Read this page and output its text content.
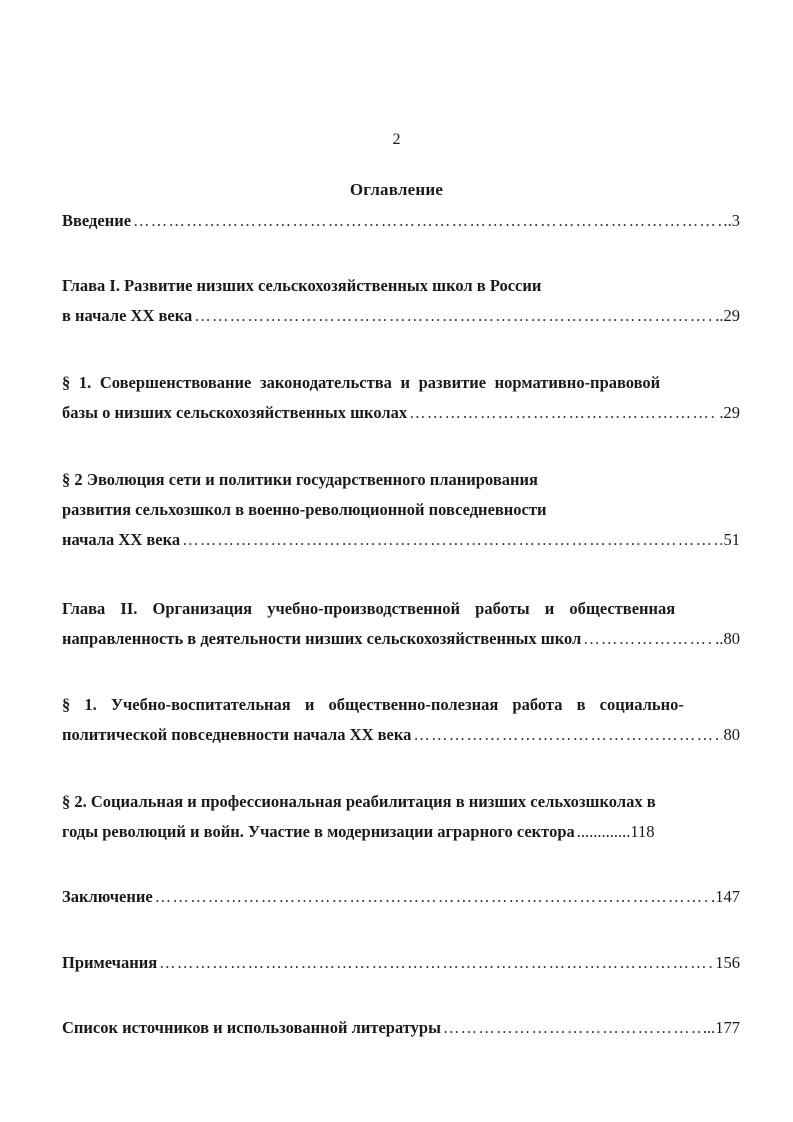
2
Оглавление
Введение ……………………………………………………………………………………………………………………………………………………………………………………	..3
Глава I. Развитие низших сельскохозяйственных школ в России
в начале XX века ……………………………………………………………………………………………………………………………………………………………………………………	..29
§ 1. Совершенствование законодательства и развитие нормативно-правовой
базы о низших сельскохозяйственных школах ……………………………………………………………………………………………………………………………………………………………………………………	.29
§ 2 Эволюция сети и политики государственного планирования
развития сельхозшкол в военно-революционной повседневности
начала XX века ……………………………………………………………………………………………………………………………………………………………………………………	51
Глава II. Организация учебно-производственной работы и общественная
направленность в деятельности низших сельскохозяйственных школ ……………………………………………………………………………………………………………………………………………………………………………………	..80
§ 1. Учебно-воспитательная и общественно-полезная работа в социально-
политической повседневности начала XX века ……………………………………………………………………………………………………………………………………………………………………………………	80
§ 2. Социальная и профессиональная реабилитация в низших сельхозшколах в
годы революций и войн. Участие в модернизации аграрного сектора .............118
Заключение ……………………………………………………………………………………………………………………………………………………………………………………	.147
Примечания ……………………………………………………………………………………………………………………………………………………………………………………	156
Список источников и использованной литературы ……………………………………………………………………………………………………………………………………………………………………………………	...177
